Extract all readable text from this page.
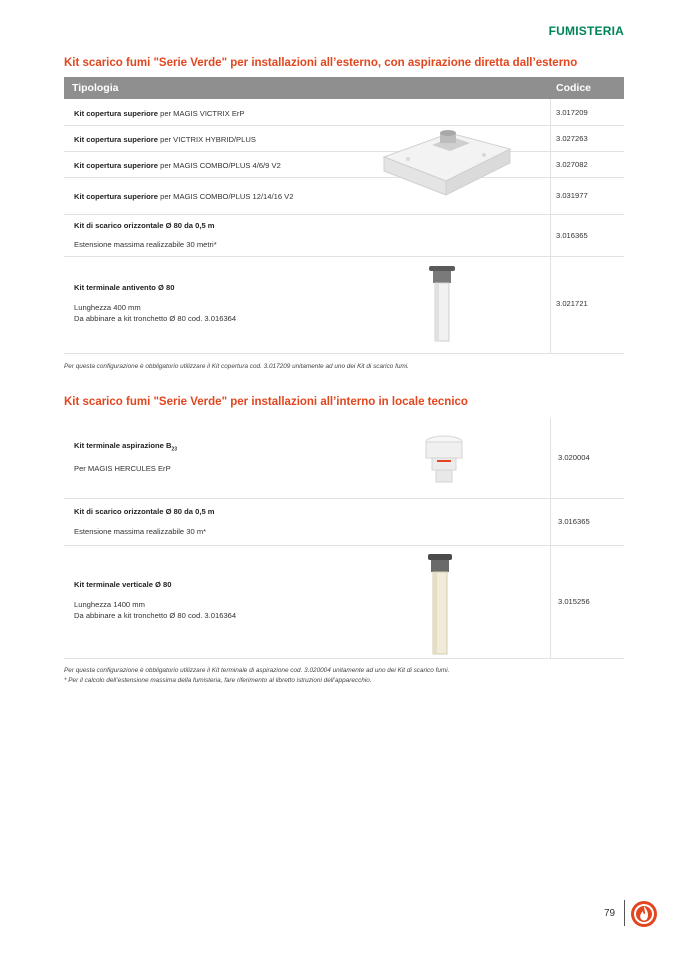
FUMISTERIA
Kit scarico fumi "Serie Verde" per installazioni all’esterno, con aspirazione diretta dall’esterno
Tipologia	Codice
Kit copertura superiore per MAGIS VICTRIX ErP	3.017209
Kit copertura superiore per VICTRIX HYBRID/PLUS	3.027263
Kit copertura superiore per MAGIS COMBO/PLUS 4/6/9 V2	3.027082
Kit copertura superiore per MAGIS COMBO/PLUS 12/14/16 V2	3.031977
Kit di scarico orizzontale Ø 80 da 0,5 m
Estensione massima realizzabile 30 metri*
3.016365
Kit terminale antivento Ø 80
Lunghezza 400 mm
Da abbinare a kit tronchetto Ø 80 cod. 3.016364
3.021721
Per questa configurazione è obbligatorio utilizzare il Kit copertura cod. 3.017209 unitamente ad uno dei Kit di scarico fumi.
Kit scarico fumi "Serie Verde" per installazioni all’interno in locale tecnico
Kit terminale aspirazione $B_{23}$
Per MAGIS HERCULES ErP
3.020004
Kit di scarico orizzontale Ø 80 da 0,5 m
Estensione massima realizzabile 30 m*
3.016365
Kit terminale verticale Ø 80
Lunghezza 1400 mm
Da abbinare a kit tronchetto Ø 80 cod. 3.016364
3.015256
Per questa configurazione è obbligatorio utilizzare il Kit terminale di aspirazione cod. 3.020004 unitamente ad uno dei Kit di scarico fumi.
* Per il calcolo dell’estensione massima della fumisteria, fare riferimento al libretto istruzioni dell’apparecchio.
79
